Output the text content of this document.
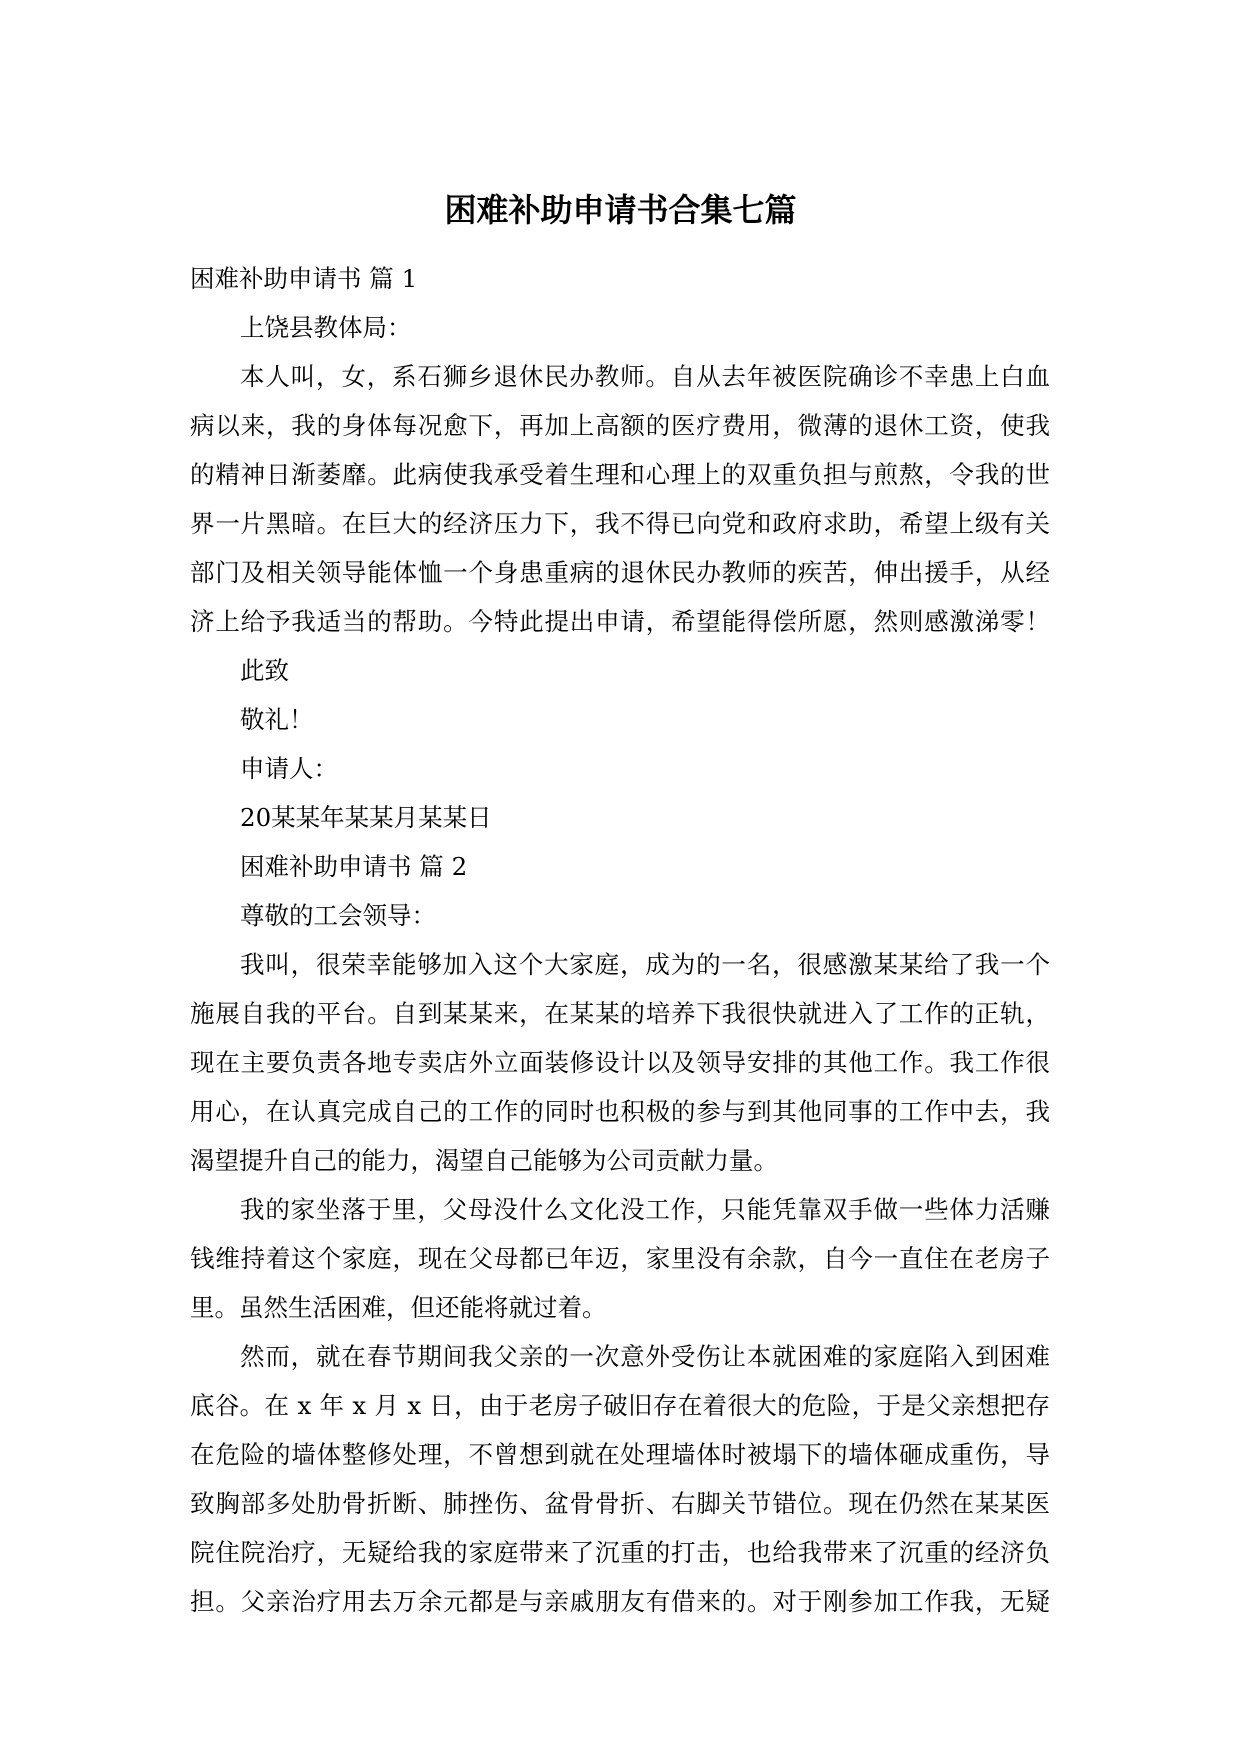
困难补助申请书合集七篇

困难补助申请书 篇 1

上饶县教体局：

本人叫，女，系石狮乡退休民办教师。自从去年被医院确诊不幸患上白血

病以来，我的身体每况愈下，再加上高额的医疗费用，微薄的退休工资，使我

的精神日渐萎靡。此病使我承受着生理和心理上的双重负担与煎熬，令我的世

界一片黑暗。在巨大的经济压力下，我不得已向党和政府求助，希望上级有关

部门及相关领导能体恤一个身患重病的退休民办教师的疾苦，伸出援手，从经

济上给予我适当的帮助。今特此提出申请，希望能得偿所愿，然则感激涕零！

此致

敬礼！

申请人：

20某某年某某月某某日

困难补助申请书 篇 2

尊敬的工会领导：

我叫，很荣幸能够加入这个大家庭，成为的一名，很感激某某给了我一个

施展自我的平台。自到某某来，在某某的培养下我很快就进入了工作的正轨，

现在主要负责各地专卖店外立面装修设计以及领导安排的其他工作。我工作很

用心，在认真完成自己的工作的同时也积极的参与到其他同事的工作中去，我

渴望提升自己的能力，渴望自己能够为公司贡献力量。

我的家坐落于里，父母没什么文化没工作，只能凭靠双手做一些体力活赚

钱维持着这个家庭，现在父母都已年迈，家里没有余款，自今一直住在老房子

里。虽然生活困难，但还能将就过着。

然而，就在春节期间我父亲的一次意外受伤让本就困难的家庭陷入到困难

底谷。在 x 年 x 月 x 日，由于老房子破旧存在着很大的危险，于是父亲想把存

在危险的墙体整修处理，不曾想到就在处理墙体时被塌下的墙体砸成重伤，导

致胸部多处肋骨折断、肺挫伤、盆骨骨折、右脚关节错位。现在仍然在某某医

院住院治疗，无疑给我的家庭带来了沉重的打击，也给我带来了沉重的经济负

担。父亲治疗用去万余元都是与亲戚朋友有借来的。对于刚参加工作我，无疑
